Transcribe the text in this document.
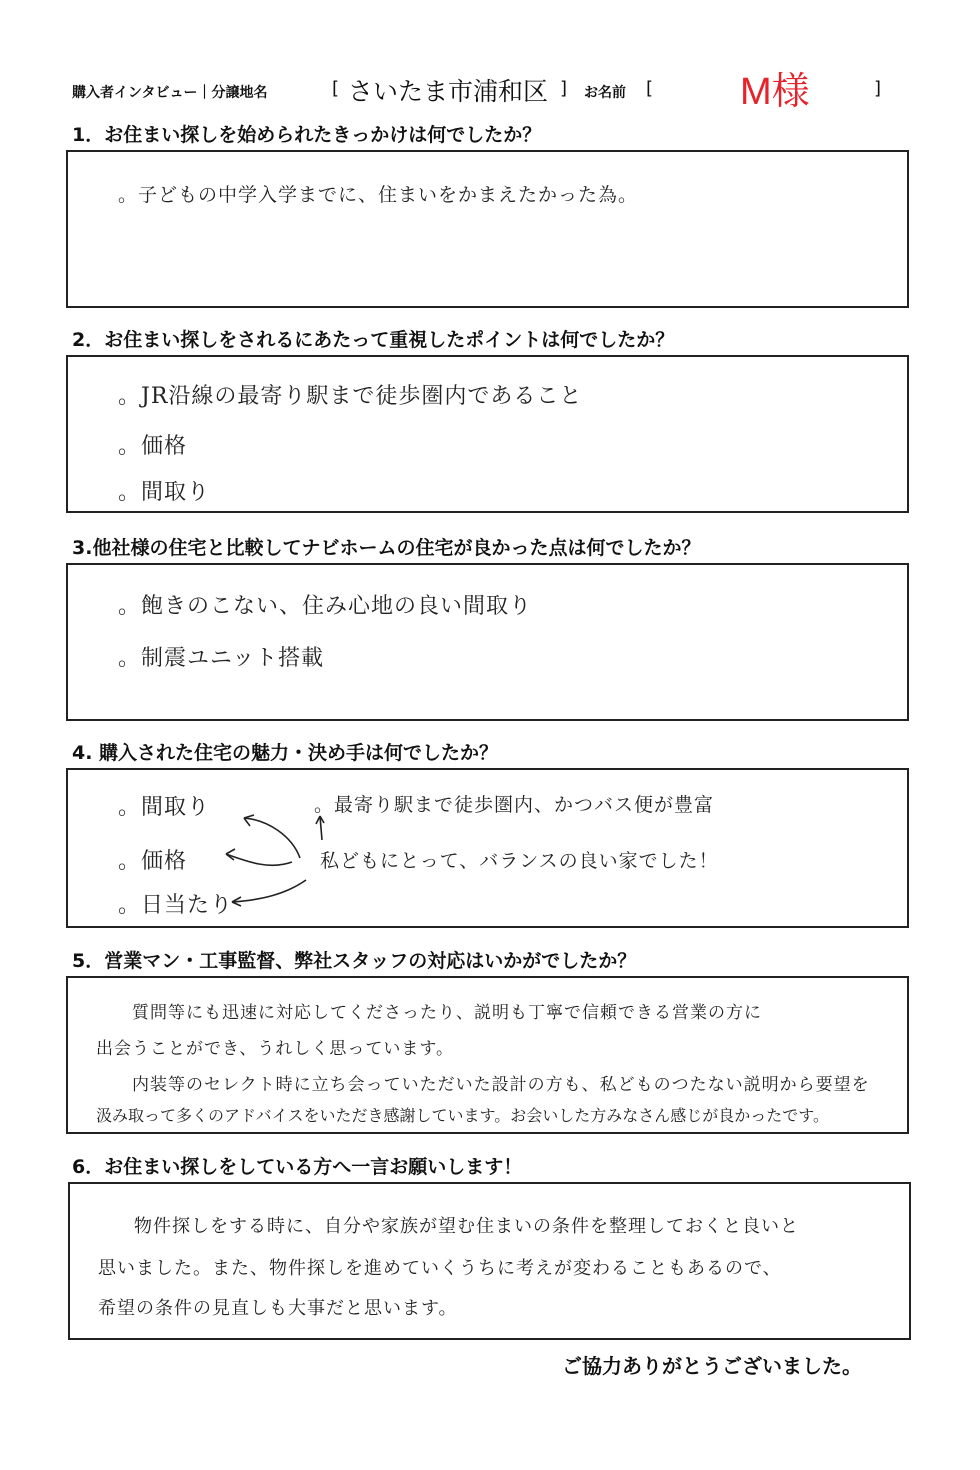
購入者インタビュー｜分譲地名	[ さいたま市浦和区 ] お名前 [ M様	]
1．お住まい探しを始められたきっかけは何でしたか？
。子どもの中学入学までに、住まいをかまえたかった為。
2．お住まい探しをされるにあたって重視したポイントは何でしたか？
。JR沿線の最寄り駅まで徒歩圏内であること
。価格
。間取り
3.他社様の住宅と比較してナビホームの住宅が良かった点は何でしたか？
。飽きのこない、住み心地の良い間取り
。制震ユニット搭載
4. 購入された住宅の魅力・決め手は何でしたか？
。間取り
。価格
。日当たり
。最寄り駅まで徒歩圏内、かつバス便が豊富
私どもにとって、バランスの良い家でした！
5．営業マン・工事監督、弊社スタッフの対応はいかがでしたか？
質問等にも迅速に対応してくださったり、説明も丁寧で信頼できる営業の方に
出会うことができ、うれしく思っています。
内装等のセレクト時に立ち会っていただいた設計の方も、私どものつたない説明から要望を
汲み取って多くのアドバイスをいただき感謝しています。お会いした方みなさん感じが良かったです。
6．お住まい探しをしている方へ一言お願いします！
物件探しをする時に、自分や家族が望む住まいの条件を整理しておくと良いと
思いました。また、物件探しを進めていくうちに考えが変わることもあるので、
希望の条件の見直しも大事だと思います。
ご協力ありがとうございました。
